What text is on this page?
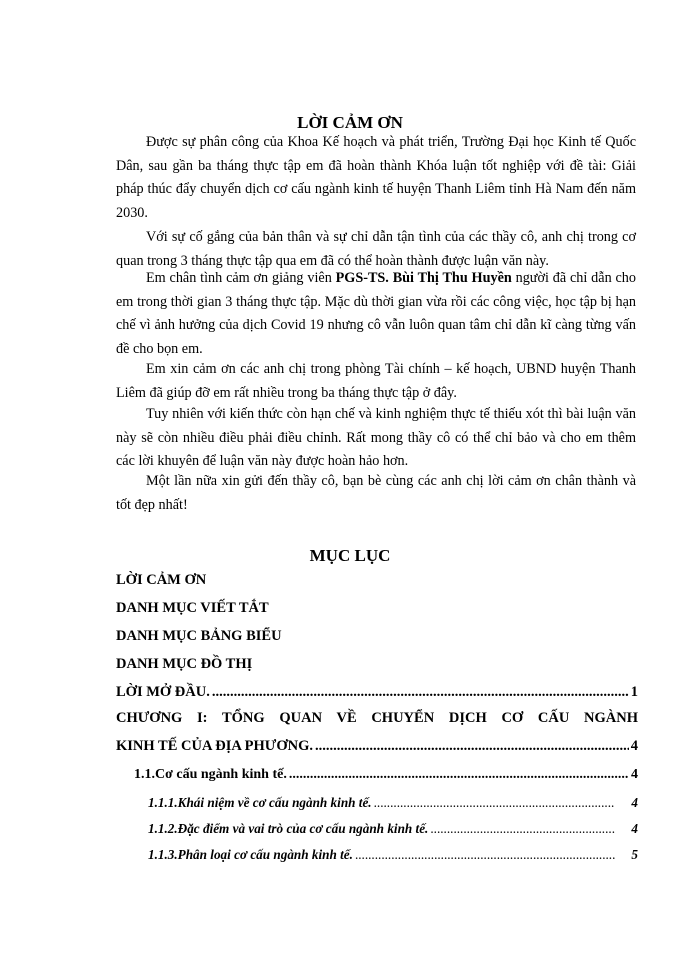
LỜI CẢM ƠN
Được sự phân công của Khoa Kế hoạch và phát triển, Trường Đại học Kinh tế Quốc Dân, sau gần ba tháng thực tập em đã hoàn thành Khóa luận tốt nghiệp với đề tài: Giải pháp thúc đẩy chuyển dịch cơ cấu ngành kinh tế huyện Thanh Liêm tỉnh Hà Nam đến năm 2030.
Với sự cố gắng của bản thân và sự chỉ dẫn tận tình của các thầy cô, anh chị trong cơ quan trong 3 tháng thực tập qua em đã có thể hoàn thành được luận văn này.
Em chân tình cảm ơn giảng viên PGS-TS. Bùi Thị Thu Huyền người đã chỉ dẫn cho em trong thời gian 3 tháng thực tập. Mặc dù thời gian vừa rồi các công việc, học tập bị hạn chế vì ảnh hưởng của dịch Covid 19 nhưng cô vẫn luôn quan tâm chỉ dẫn kĩ càng từng vấn đề cho bọn em.
Em xin cảm ơn các anh chị trong phòng Tài chính – kế hoạch, UBND huyện Thanh Liêm đã giúp đỡ em rất nhiều trong ba tháng thực tập ở đây.
Tuy nhiên với kiến thức còn hạn chế và kinh nghiệm thực tế thiếu xót thì bài luận văn này sẽ còn nhiều điều phải điều chỉnh. Rất mong thầy cô có thể chỉ bảo và cho em thêm các lời khuyên để luận văn này được hoàn hảo hơn.
Một lần nữa xin gửi đến thầy cô, bạn bè cùng các anh chị lời cảm ơn chân thành và tốt đẹp nhất!
MỤC LỤC
LỜI CẢM ƠN
DANH MỤC VIẾT TẮT
DANH MỤC BẢNG BIỂU
DANH MỤC ĐỒ THỊ
LỜI MỞ ĐẦU. .....	1
CHƯƠNG I: TỔNG QUAN VỀ CHUYỂN DỊCH CƠ CẤU NGÀNH
KINH TẾ CỦA ĐỊA PHƯƠNG. .....	4
1.1.Cơ cấu ngành kinh tế. .....	4
1.1.1.Khái niệm về cơ cấu ngành kinh tế. .....	4
1.1.2.Đặc điểm và vai trò của cơ cấu ngành kinh tế. .....	4
1.1.3.Phân loại cơ cấu ngành kinh tế. .....	5
